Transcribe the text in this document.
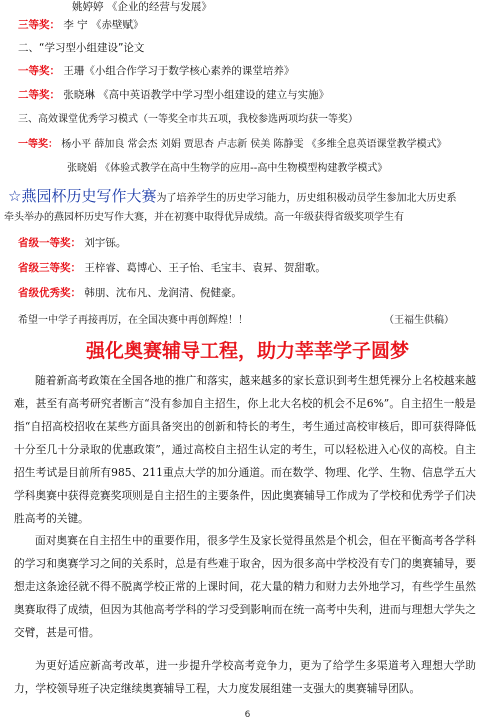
姚婷婷 《企业的经营与发展》
三等奖： 李 宁 《赤壁赋》
二、“学习型小组建设”论文
一等奖： 王珊《小组合作学习于数学核心素养的课堂培养》
二等奖： 张晓琳 《高中英语教学中学习型小组建设的建立与实施》
三、高效课堂优秀学习模式（一等奖全市共五项，我校参选两项均获一等奖）
一等奖： 杨小平 薛加良 常会杰 刘娟 贾思杏 卢志新 侯美 陈静雯 《多维全息英语课堂教学模式》
张晓娟 《体验式教学在高中生物学的应用--高中生物模型构建教学模式》
☆燕园杯历史写作大赛为了培养学生的历史学习能力，历史组积极动员学生参加北大历史系
牵头举办的燕园杯历史写作大赛，并在初赛中取得优异成绩。高一年级获得省级奖项学生有
省级一等奖： 刘宇铄。
省级三等奖： 王梓睿、葛博心、王子怡、毛宝丰、袁昇、贺甜歌。
省级优秀奖： 韩朋、沈布凡、龙润清、倪健豪。
希望一中学子再接再厉，在全国决赛中再创辉煌！！	（王福生供稿）
强化奥赛辅导工程，助力莘莘学子圆梦
随着新高考政策在全国各地的推广和落实，越来越多的家长意识到考生想凭裸分上名校越来越难，甚至有高考研究者断言“没有参加自主招生，你上北大名校的机会不足6%”。自主招生一般是指“自招高校招收在某些方面具备突出的创新和特长的考生，考生通过高校审核后，即可获得降低十分至几十分录取的优惠政策”，通过高校自主招生认定的考生，可以轻松进入心仪的高校。自主招生考试是目前所有985、211重点大学的加分通道。而在数学、物理、化学、生物、信息学五大学科奥赛中获得竞赛奖项则是自主招生的主要条件，因此奥赛辅导工作成为了学校和优秀学子们决胜高考的关键。
面对奥赛在自主招生中的重要作用，很多学生及家长觉得虽然是个机会，但在平衡高考各学科的学习和奥赛学习之间的关系时，总是有些难于取舍，因为很多高中学校没有专门的奥赛辅导，要想走这条途径就不得不脱离学校正常的上课时间，花大量的精力和财力去外地学习，有些学生虽然奥赛取得了成绩，但因为其他高考学科的学习受到影响而在统一高考中失利，进而与理想大学失之交臂，甚是可惜。
为更好适应新高考改革，进一步提升学校高考竞争力，更为了给学生多渠道考入理想大学助力，学校领导班子决定继续奥赛辅导工程，大力度发展组建一支强大的奥赛辅导团队。
6
